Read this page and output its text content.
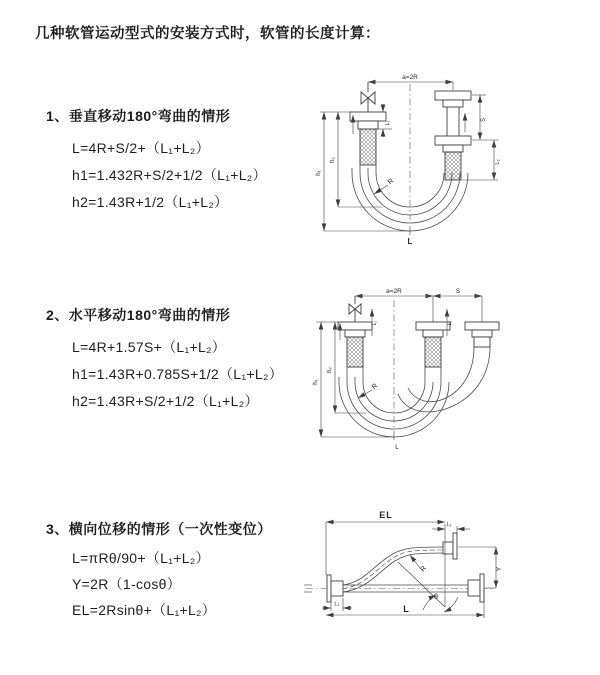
几种软管运动型式的安装方式时，软管的长度计算：
1、垂直移动180°弯曲的情形
L=4R+S/2+（L₁+L₂）
h1=1.432R+S/2+1/2（L₁+L₂）
h2=1.43R+1/2（L₁+L₂）
a=2R
L₁
S
L₂
h₂
h₁
R
L
2、水平移动180°弯曲的情形
L=4R+1.57S+（L₁+L₂）
h1=1.43R+0.785S+1/2（L₁+L₂）
h2=1.43R+S/2+1/2（L₁+L₂）
a=2R	S
L₁	L₂
h₂
h₁
R
L
3、横向位移的情形（一次性变位）
L=πRθ/90+（L₁+L₂）
Y=2R（1-cosθ）
EL=2Rsinθ+（L₁+L₂）
θ
R
EL
L₁
Y
L₂	L
